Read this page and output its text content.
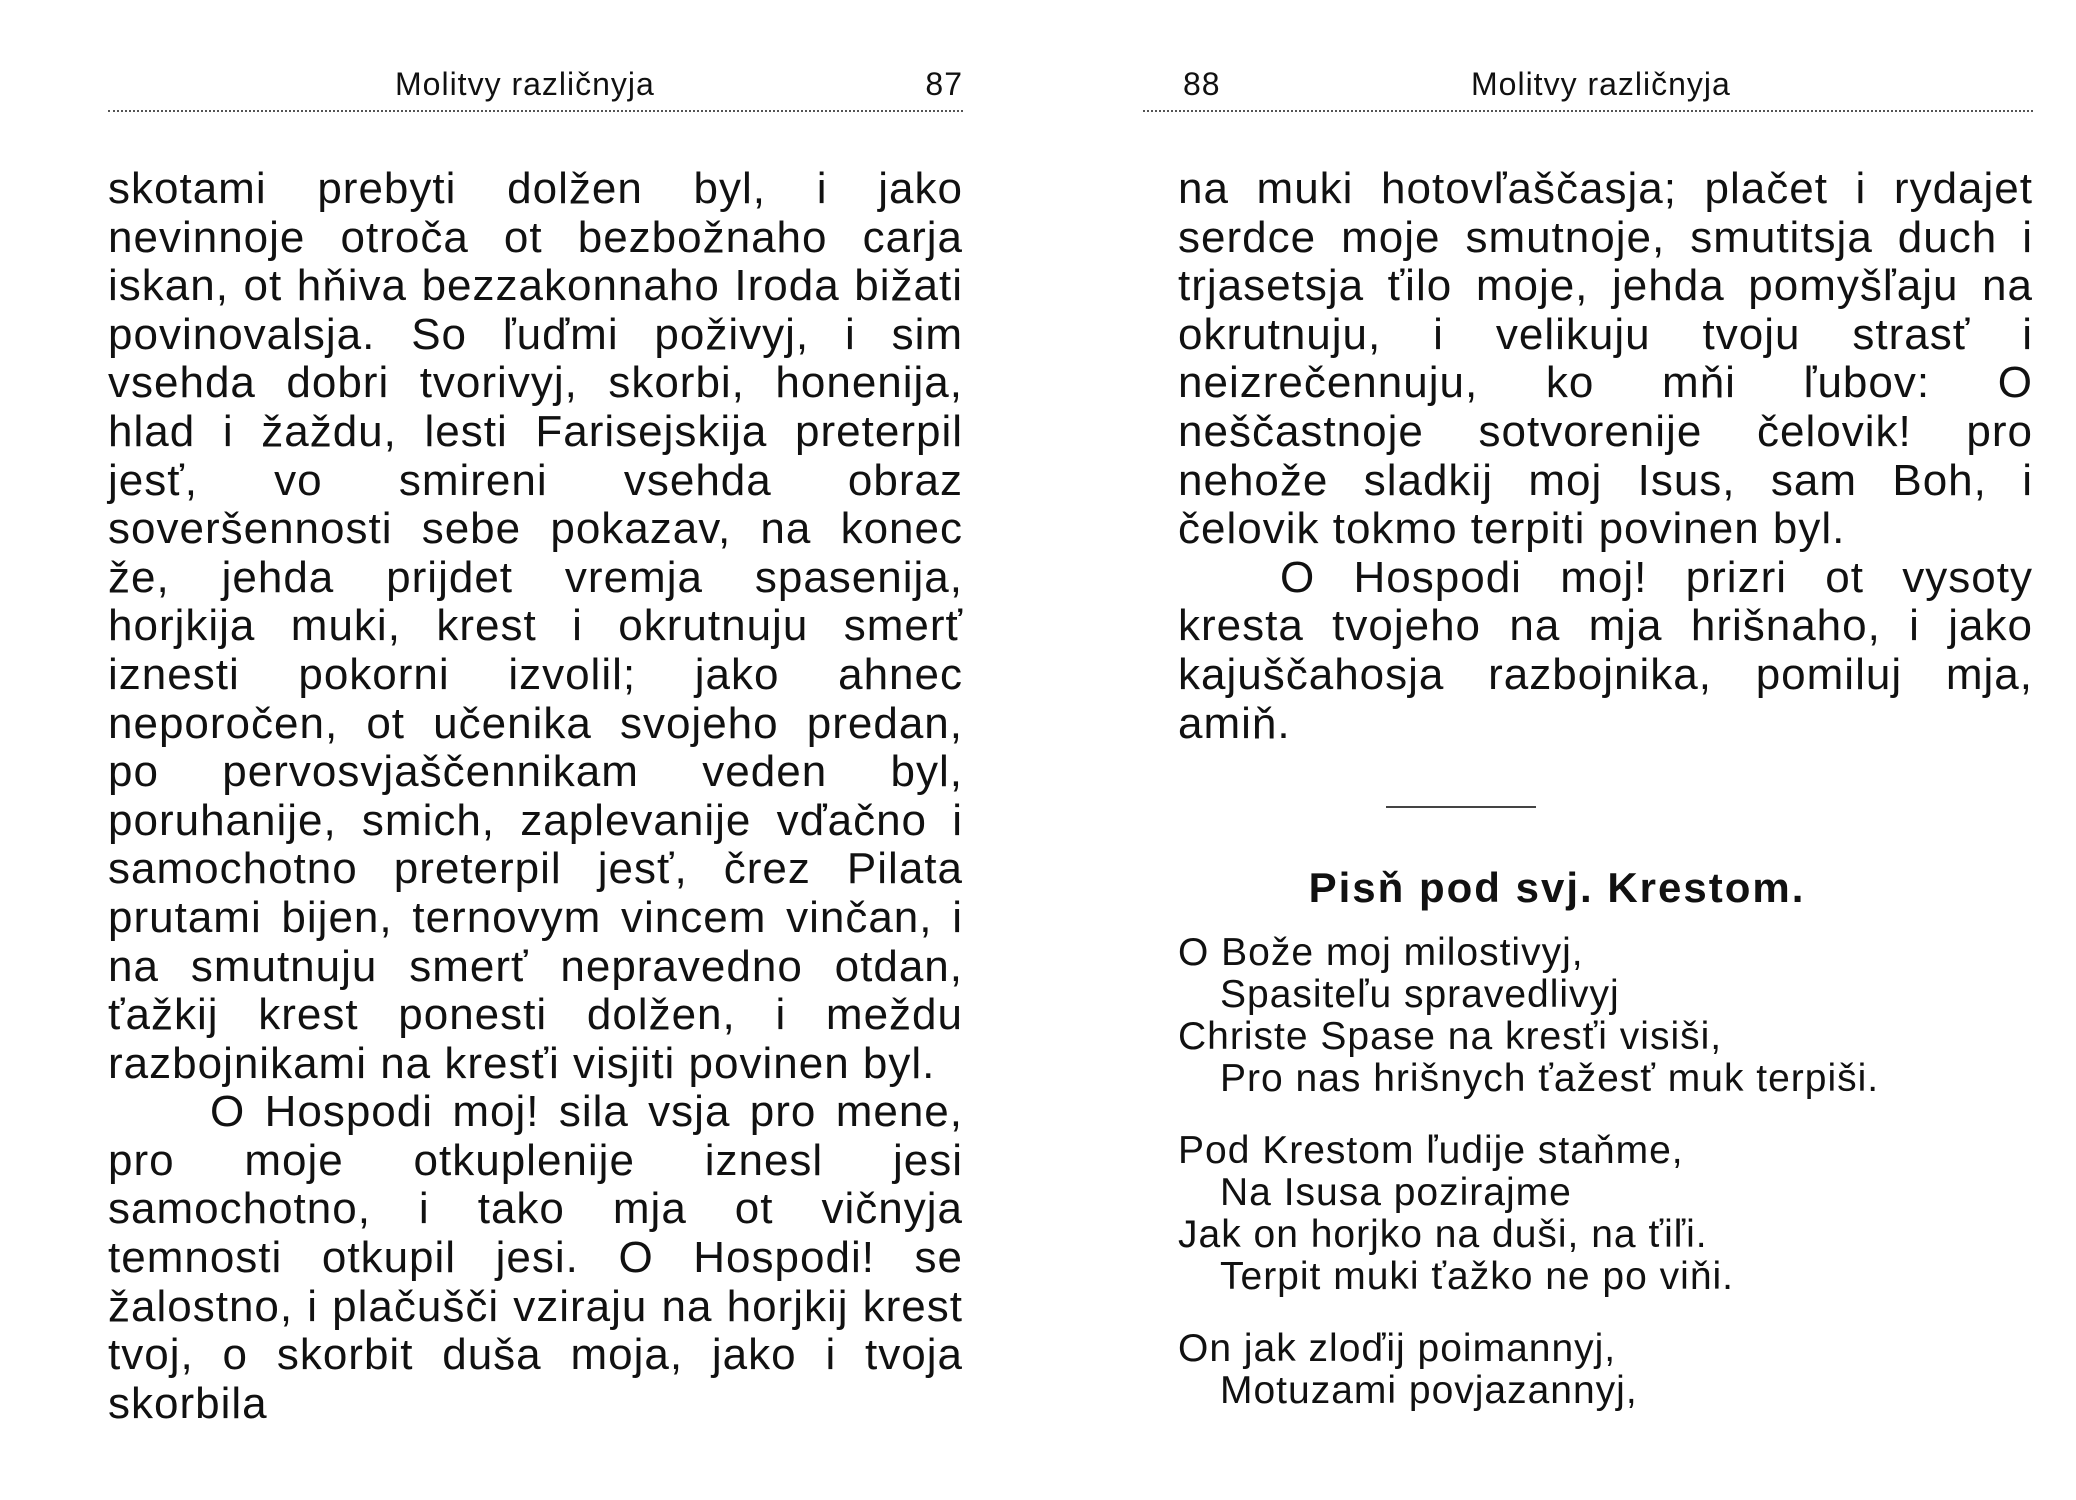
Molitvy različnyja	87

skotami prebyti dolžen byl, i jako nevinnoje otroča ot bezbožnaho carja iskan, ot hňiva bezzakonnaho Iroda bižati povinovalsja. So ľuďmi poživyj, i sim vsehda dobri tvorivyj, skorbi, honenija, hlad i žaždu, lesti Farisejskija preterpil jesť, vo smireni vsehda obraz soveršennosti sebe pokazav, na konec že, jehda prijdet vremja spasenija, horjkija muki, krest i okrutnuju smerť iznesti pokorni izvolil; jako ahnec neporočen, ot učenika svojeho predan, po pervosvjaščennikam veden byl, poruhanije, smich, zaplevanije vďačno i samochotno preterpil jesť, črez Pilata prutami bijen, ternovym vincem vinčan, i na smutnuju smerť nepravedno otdan, ťažkij krest ponesti dolžen, i meždu razbojnikami na kresťi visjiti povinen byl.

O Hospodi moj! sila vsja pro mene, pro moje otkuplenije iznesl jesi samochotno, i tako mja ot vičnyja temnosti otkupil jesi. O Hospodi! se žalostno, i plačušči vziraju na horjkij krest tvoj, o skorbit duša moja, jako i tvoja skorbila

88	Molitvy različnyja

na muki hotovľaščasja; plačet i rydajet serdce moje smutnoje, smutitsja duch i trjasetsja ťilo moje, jehda pomyšľaju na okrutnuju, i velikuju tvoju strasť i neizrečennuju, ko mňi ľubov: O neščastnoje sotvorenije čelovik! pro nehože sladkij moj Isus, sam Boh, i čelovik tokmo terpiti povinen byl.

O Hospodi moj! prizri ot vysoty kresta tvojeho na mja hrišnaho, i jako kajuščahosja razbojnika, pomiluj mja, amiň.

Pisň pod svj. Krestom.
O Bože moj milostivyj,
Spasiteľu spravedlivyj
Christe Spase na kresťi visiši,
Pro nas hrišnych ťažesť muk terpiši.
Pod Krestom ľudije staňme,
Na Isusa pozirajme
Jak on horjko na duši, na ťiľi.
Terpit muki ťažko ne po viňi.
On jak zloďij poimannyj,
Motuzami povjazannyj,
